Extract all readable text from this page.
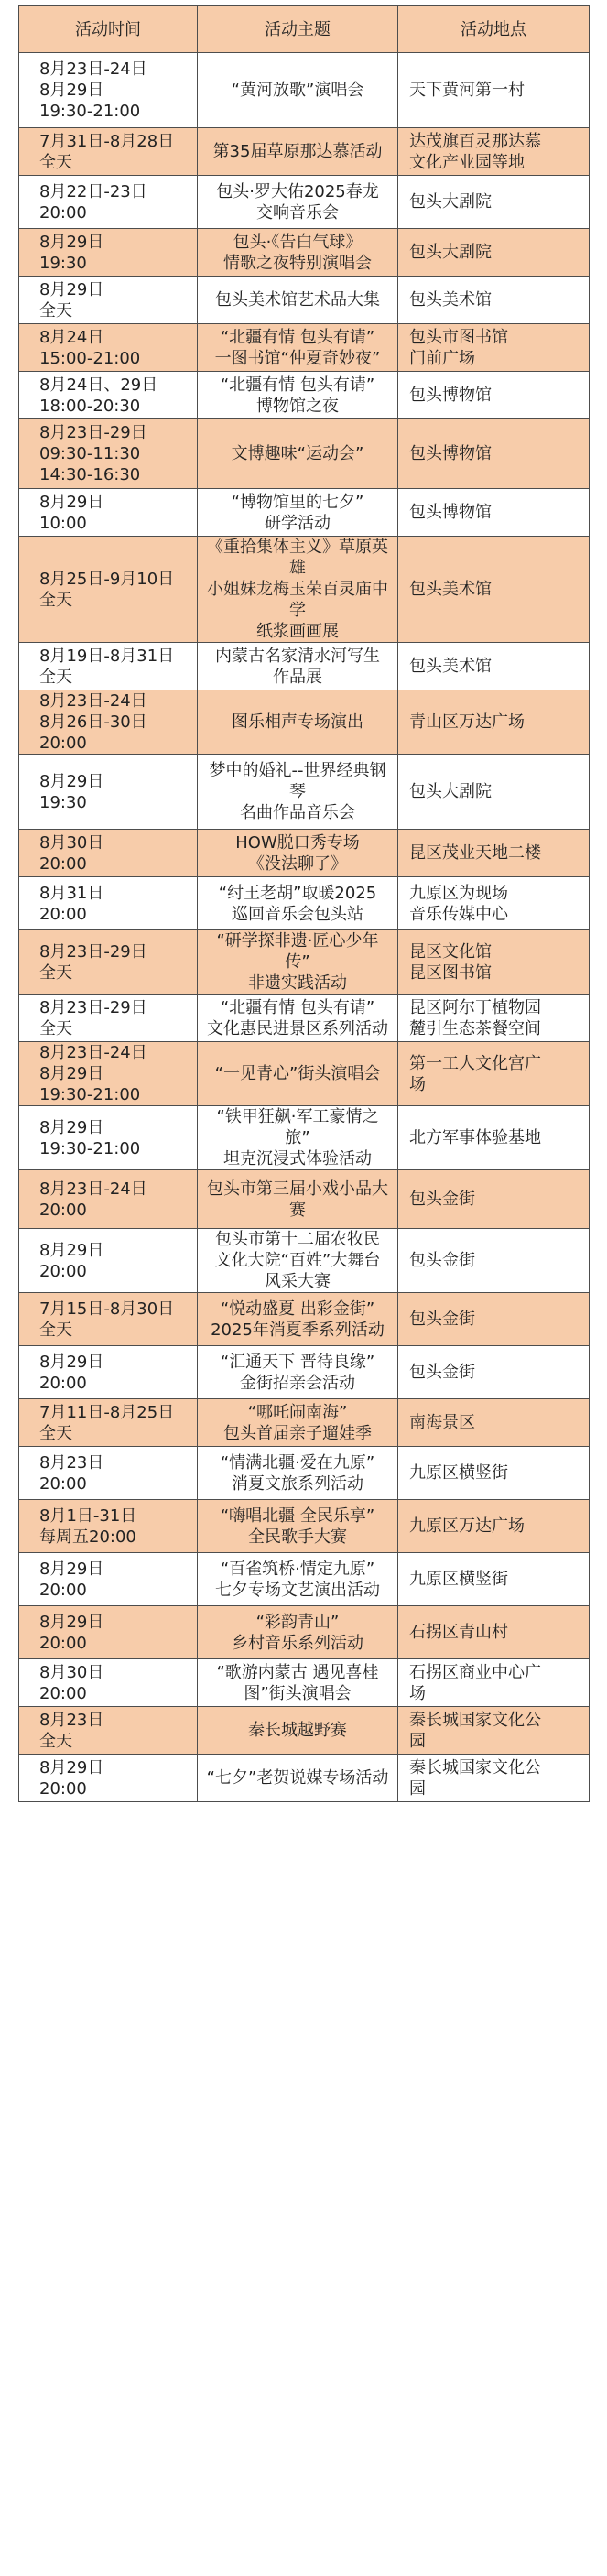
活动时间	活动主题	活动地点

8月23日-24日
8月29日
19:30-21:00	“黄河放歌”演唱会	天下黄河第一村

7月31日-8月28日
全天	第35届草原那达慕活动	达茂旗百灵那达慕
文化产业园等地

8月22日-23日
20:00	包头·罗大佑2025春龙
交响音乐会	包头大剧院

8月29日
19:30	包头·《告白气球》
情歌之夜特别演唱会	包头大剧院

8月29日
全天	包头美术馆艺术品大集	包头美术馆

8月24日
15:00-21:00	“北疆有情 包头有请”
一图书馆“仲夏奇妙夜”	包头市图书馆
门前广场

8月24日、29日
18:00-20:30	“北疆有情 包头有请”
博物馆之夜	包头博物馆

8月23日-29日
09:30-11:30
14:30-16:30	文博趣味“运动会”	包头博物馆

8月29日
10:00	“博物馆里的七夕”
研学活动	包头博物馆

8月25日-9月10日
全天	《重拾集体主义》草原英
雄
小姐妹龙梅玉荣百灵庙中
学
纸浆画画展	包头美术馆

8月19日-8月31日
全天	内蒙古名家清水河写生
作品展	包头美术馆

8月23日-24日
8月26日-30日
20:00	图乐相声专场演出	青山区万达广场

8月29日
19:30	梦中的婚礼--世界经典钢
琴
名曲作品音乐会	包头大剧院

8月30日
20:00	HOW脱口秀专场
《没法聊了》	昆区茂业天地二楼

8月31日
20:00	“纣王老胡”取暖2025
巡回音乐会包头站	九原区为现场
音乐传媒中心

8月23日-29日
全天	“研学探非遗·匠心少年
传”
非遗实践活动	昆区文化馆
昆区图书馆

8月23日-29日
全天	“北疆有情 包头有请”
文化惠民进景区系列活动	昆区阿尔丁植物园
麓引生态茶餐空间

8月23日-24日
8月29日
19:30-21:00	“一见青心”街头演唱会	第一工人文化宫广
场

8月29日
19:30-21:00	“铁甲狂飙·军工豪情之
旅”
坦克沉浸式体验活动	北方军事体验基地

8月23日-24日
20:00	包头市第三届小戏小品大
赛	包头金街

8月29日
20:00	包头市第十二届农牧民
文化大院“百姓”大舞台
风采大赛	包头金街

7月15日-8月30日
全天	“悦动盛夏 出彩金街”
2025年消夏季系列活动	包头金街

8月29日
20:00	“汇通天下 晋待良缘”
金街招亲会活动	包头金街

7月11日-8月25日
全天	“哪吒闹南海”
包头首届亲子遛娃季	南海景区

8月23日
20:00	“情满北疆·爱在九原”
消夏文旅系列活动	九原区横竖街

8月1日-31日
每周五20:00	“嗨唱北疆 全民乐享”
全民歌手大赛	九原区万达广场

8月29日
20:00	“百雀筑桥·情定九原”
七夕专场文艺演出活动	九原区横竖街

8月29日
20:00	“彩韵青山”
乡村音乐系列活动	石拐区青山村

8月30日
20:00	“歌游内蒙古 遇见喜桂
图”街头演唱会	石拐区商业中心广
场

8月23日
全天	秦长城越野赛	秦长城国家文化公
园

8月29日
20:00	“七夕”老贺说媒专场活动	秦长城国家文化公
园
